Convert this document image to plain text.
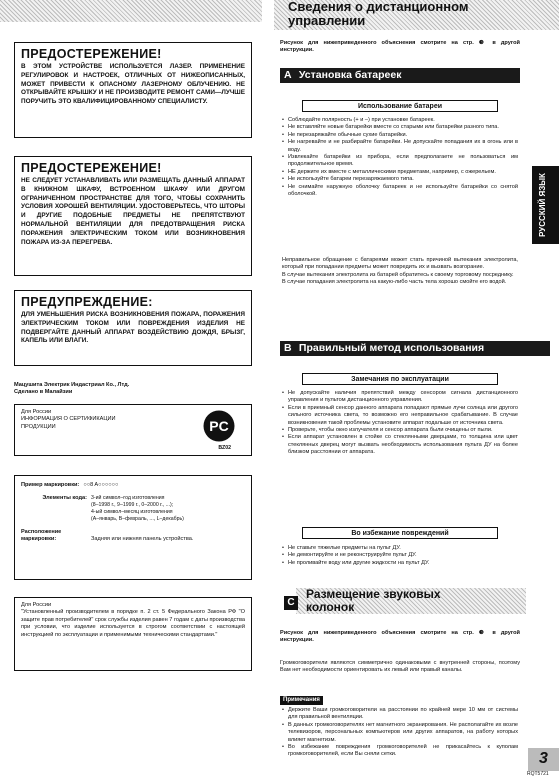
ПРЕДОСТЕРЕЖЕНИЕ!
В ЭТОМ УСТРОЙСТВЕ ИСПОЛЬЗУЕТСЯ ЛАЗЕР. ПРИМЕНЕНИЕ РЕГУЛИРОВОК И НАСТРОЕК, ОТЛИЧНЫХ ОТ НИЖЕОПИСАННЫХ, МОЖЕТ ПРИВЕСТИ К ОПАСНОМУ ЛАЗЕРНОМУ ОБЛУЧЕНИЮ. НЕ ОТКРЫВАЙТЕ КРЫШКУ И НЕ ПРОИЗВОДИТЕ РЕМОНТ САМИ—ЛУЧШЕ ПОРУЧИТЬ ЭТО КВАЛИФИЦИРОВАННОМУ СПЕЦИАЛИСТУ.
ПРЕДОСТЕРЕЖЕНИЕ!
НЕ СЛЕДУЕТ УСТАНАВЛИВАТЬ ИЛИ РАЗМЕЩАТЬ ДАННЫЙ АППАРАТ В КНИЖНОМ ШКАФУ, ВСТРОЕННОМ ШКАФУ ИЛИ ДРУГОМ ОГРАНИЧЕННОМ ПРОСТРАНСТВЕ ДЛЯ ТОГО, ЧТОБЫ СОХРАНИТЬ УСЛОВИЯ ХОРОШЕЙ ВЕНТИЛЯЦИИ. УДОСТОВЕРЬТЕСЬ, ЧТО ШТОРЫ И ДРУГИЕ ПОДОБНЫЕ ПРЕДМЕТЫ НЕ ПРЕПЯТСТВУЮТ НОРМАЛЬНОЙ ВЕНТИЛЯЦИИ ДЛЯ ПРЕДОТВРАЩЕНИЯ РИСКА ПОРАЖЕНИЯ ЭЛЕКТРИЧЕСКИМ ТОКОМ ИЛИ ВОЗНИКНОВЕНИЯ ПОЖАРА ИЗ-ЗА ПЕРЕГРЕВА.
ПРЕДУПРЕЖДЕНИЕ:
ДЛЯ УМЕНЬШЕНИЯ РИСКА ВОЗНИКНОВЕНИЯ ПОЖАРА, ПОРАЖЕНИЯ ЭЛЕКТРИЧЕСКИМ ТОКОМ ИЛИ ПОВРЕЖДЕНИЯ ИЗДЕЛИЯ НЕ ПОДВЕРГАЙТЕ ДАННЫЙ АППАРАТ ВОЗДЕЙСТВИЮ ДОЖДЯ, БРЫЗГ, КАПЕЛЬ ИЛИ ВЛАГИ.
Мацушита Электрик Индастриал Ко., Лтд.
Сделано в Малайзии
Для России
ИНФОРМАЦИЯ О СЕРТИФИКАЦИИ
ПРОДУКЦИИ	PC
BZ02
Пример маркировки: ○○8 A○○○○○○
Элементы кода: 3-ий символ–год изготовления
(8–1998 г., 9–1999 г., 0–2000 г., ...);
4-ый символ–месяц изготовления
(А–январь, В–февраль, ..., L–декабрь)
Расположение маркировки:	Задняя или нижняя панель устройства.
Для России
"Установленный производителем в порядке п. 2 ст. 5 Федерального Закона РФ "О защите прав потребителей" срок службы изделия равен 7 годам с даты производства при условии, что изделие используется в строгом соответствии с настоящей инструкцией по эксплуатации и применимыми техническими стандартами."
Сведения о дистанционном управлении
Рисунок для нижеприведенного объяснения смотрите на стр. ❸ в другой инструкции.
A Установка батареек
Использование батареи
• Соблюдайте полярность (+ и –) при установке батареек.
• Не вставляйте новые батарейки вместе со старыми или батарейки разного типа.
• Не перезаряжайте обычные сухие батарейки.
• Не нагревайте и не разбирайте батарейки. Не допускайте попадания их в огонь или в воду.
• Извлекайте батарейки из прибора, если предполагаете не пользоваться им продолжительное время.
• НЕ держите их вместе с металлическими предметами, например, с ожерельем.
• Не используйте батареи перезаряжаемого типа.
• Не снимайте наружную оболочку батареек и не используйте батарейки со снятой оболочкой.
Неправильное обращение с батареями может стать причиной вытекания электролита, который при попадании предметы может повредить их и вызвать возгорание.
В случае вытекания электролита из батарей обратитесь к своему торговому посреднику.
В случае попадания электролита на какую-либо часть тела хорошо смойте его водой.
B Правильный метод использования
Замечания по эксплуатации
• Не допускайте наличия препятствий между сенсором сигнала дистанционного управления и пультом дистанционного управления.
• Если в приемный сенсор данного аппарата попадают прямые лучи солнца или другого сильного источника света, то возможно его неправильное срабатывание. В случае возникновения такой проблемы установите аппарат подальше от источника света.
• Проверьте, чтобы окно излучателя и сенсор аппарата были очищены от пыли.
• Если аппарат установлен в стойке со стеклянными дверцами, то толщина или цвет стеклянных дверец могут вызвать необходимость использования пульта ДУ на более близком расстоянии от аппарата.
Во избежание повреждений
• Не ставьте тяжелые предметы на пульт ДУ.
• Не демонтируйте и не реконструируйте пульт ДУ.
• Не проливайте воду или другие жидкости на пульт ДУ.
C
Размещение звуковых колонок
Рисунок для нижеприведенного объяснения смотрите на стр. ❸ в другой инструкции.
Громкоговорители являются симметрично одинаковыми с внутренней стороны, поэтому Вам нет необходимости ориентировать их левый или правый каналы.
Примечания
• Держите Ваши громкоговорители на расстоянии по крайней мере 10 мм от системы для правильной вентиляции.
• В данных громкоговорителях нет магнитного экранирования. Не располагайте их возле телевизоров, персональных компьютеров или других аппаратов, на работу которых влияет магнетизм.
• Во избежание повреждения громкоговорителей не прикасайтесь к куполам громкоговорителей, если Вы сняли сетки.
РУССКИЙ ЯЗЫК
3
RQT5721
